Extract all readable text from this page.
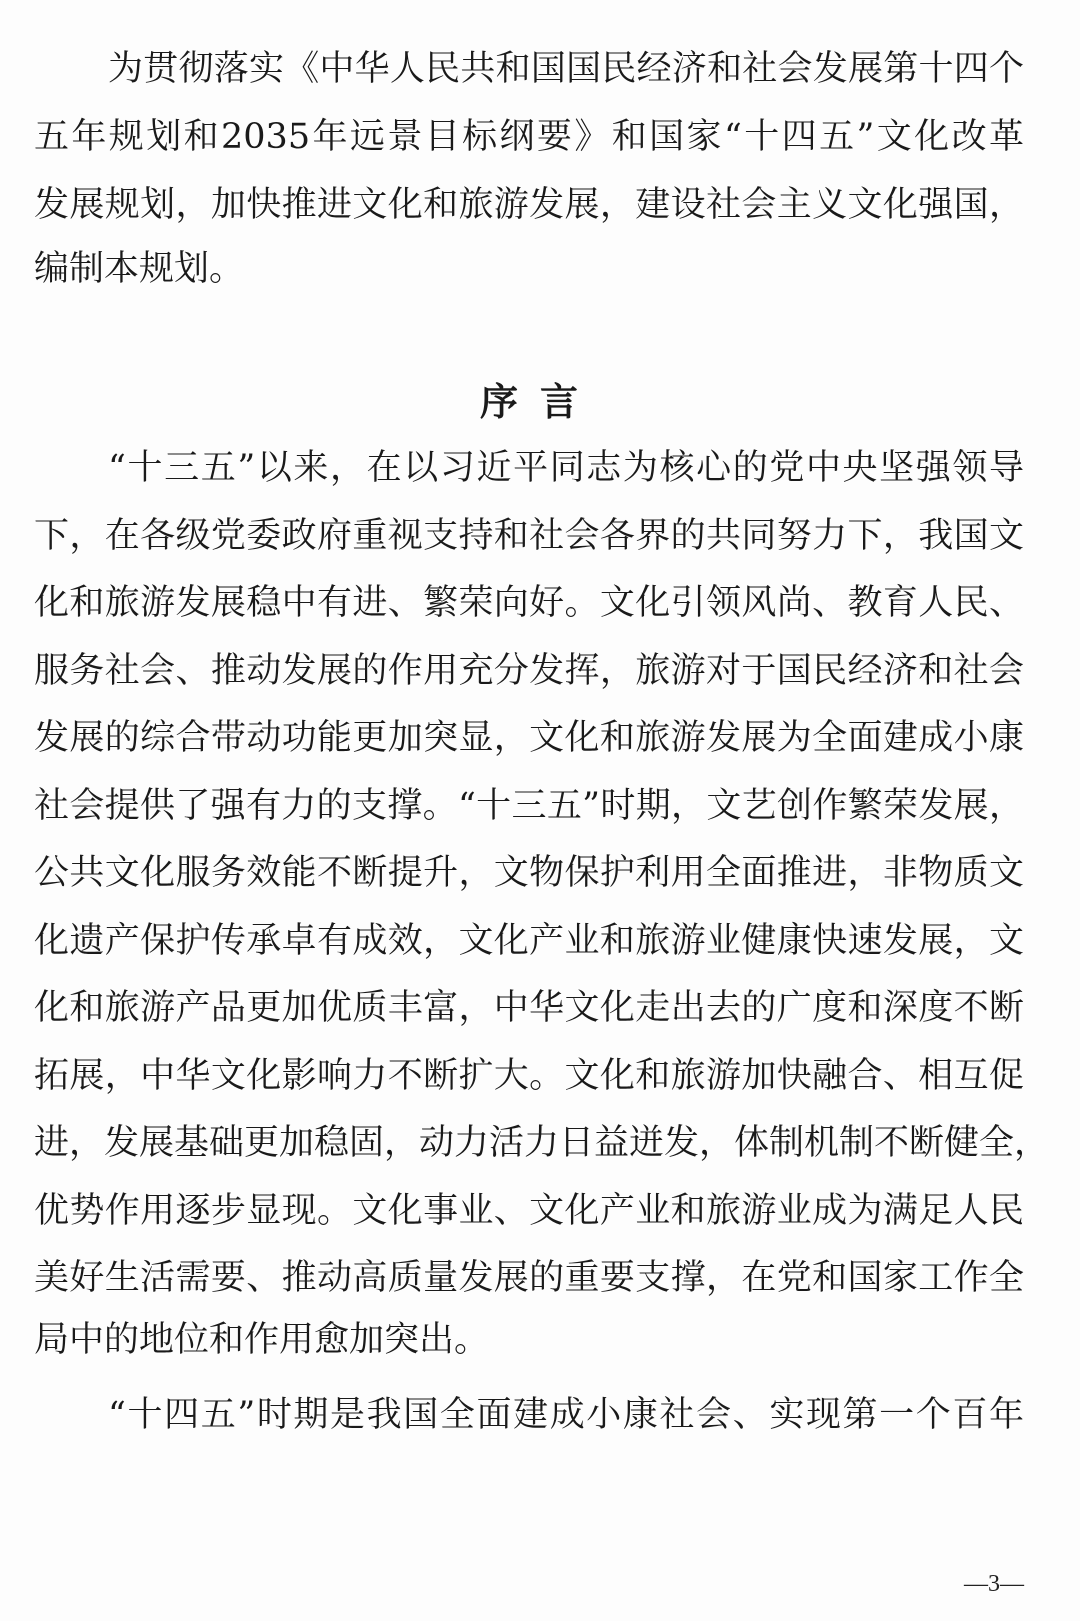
为贯彻落实《中华人民共和国国民经济和社会发展第十四个
五年规划和2035年远景目标纲要》和国家“十四五”文化改革
发展规划，加快推进文化和旅游发展，建设社会主义文化强国，
编制本规划。
序言
“十三五”以来，在以习近平同志为核心的党中央坚强领导
下，在各级党委政府重视支持和社会各界的共同努力下，我国文
化和旅游发展稳中有进、繁荣向好。文化引领风尚、教育人民、
服务社会、推动发展的作用充分发挥，旅游对于国民经济和社会
发展的综合带动功能更加突显，文化和旅游发展为全面建成小康
社会提供了强有力的支撑。“十三五”时期，文艺创作繁荣发展，
公共文化服务效能不断提升，文物保护利用全面推进，非物质文
化遗产保护传承卓有成效，文化产业和旅游业健康快速发展，文
化和旅游产品更加优质丰富，中华文化走出去的广度和深度不断
拓展，中华文化影响力不断扩大。文化和旅游加快融合、相互促
进，发展基础更加稳固，动力活力日益迸发，体制机制不断健全，
优势作用逐步显现。文化事业、文化产业和旅游业成为满足人民
美好生活需要、推动高质量发展的重要支撑，在党和国家工作全
局中的地位和作用愈加突出。
“十四五”时期是我国全面建成小康社会、实现第一个百年
—3—
